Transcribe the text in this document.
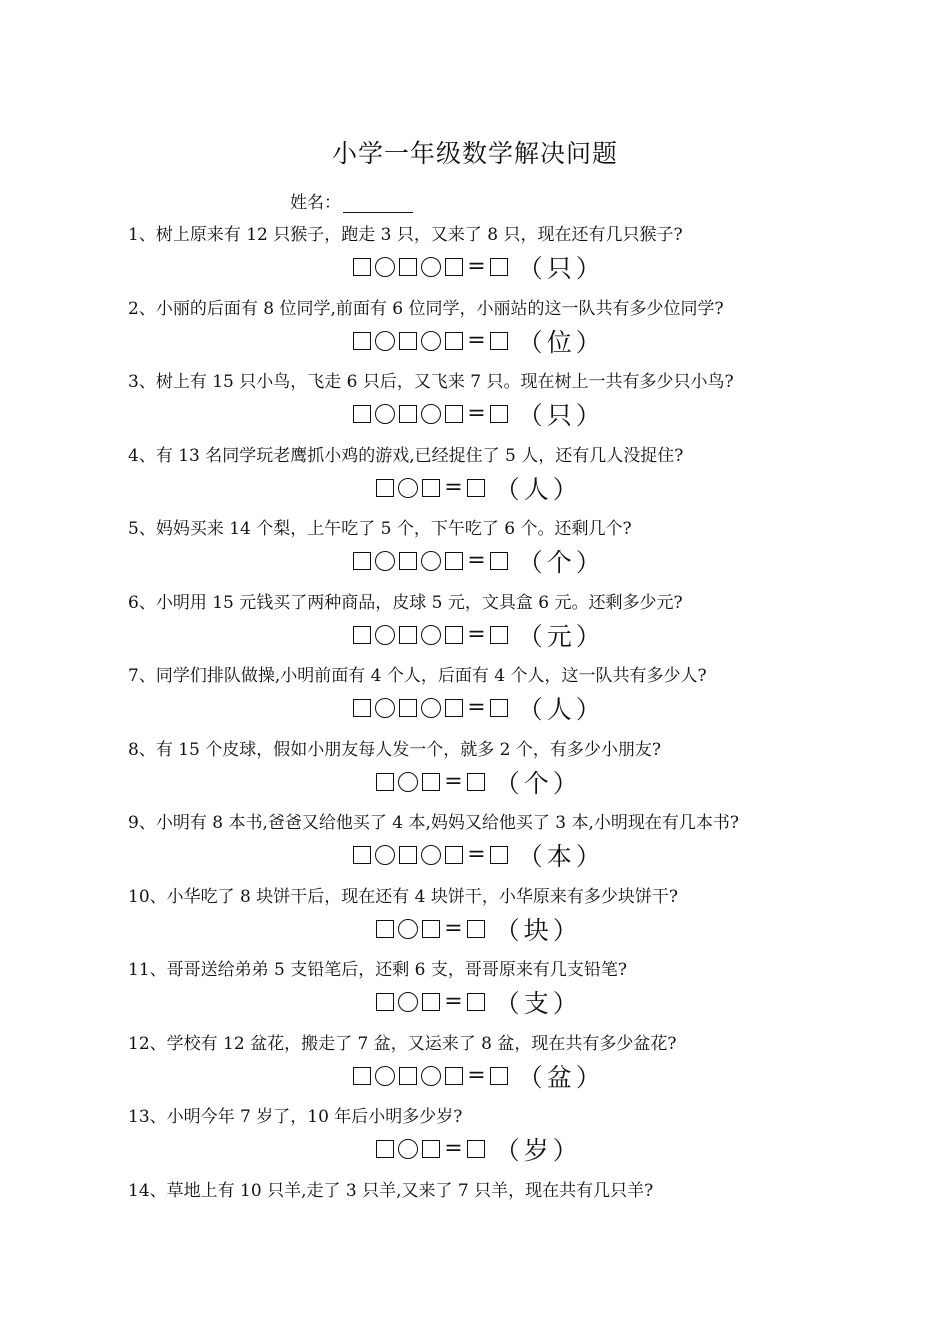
小学一年级数学解决问题
姓名：
1、树上原来有 12 只猴子，跑走 3 只，又来了 8 只，现在还有几只猴子?
= （只）
2、小丽的后面有 8 位同学,前面有 6 位同学，小丽站的这一队共有多少位同学?
= （位）
3、树上有 15 只小鸟，飞走 6 只后，又飞来 7 只。现在树上一共有多少只小鸟?
= （只）
4、有 13 名同学玩老鹰抓小鸡的游戏,已经捉住了 5 人，还有几人没捉住?
= （人）
5、妈妈买来 14 个梨，上午吃了 5 个，下午吃了 6 个。还剩几个?
= （个）
6、小明用 15 元钱买了两种商品，皮球 5 元，文具盒 6 元。还剩多少元?
= （元）
7、同学们排队做操,小明前面有 4 个人，后面有 4 个人，这一队共有多少人?
= （人）
8、有 15 个皮球，假如小朋友每人发一个，就多 2 个，有多少小朋友?
= （个）
9、小明有 8 本书,爸爸又给他买了 4 本,妈妈又给他买了 3 本,小明现在有几本书?
= （本）
10、小华吃了 8 块饼干后，现在还有 4 块饼干，小华原来有多少块饼干?
= （块）
11、哥哥送给弟弟 5 支铅笔后，还剩 6 支，哥哥原来有几支铅笔?
= （支）
12、学校有 12 盆花，搬走了 7 盆，又运来了 8 盆，现在共有多少盆花?
= （盆）
13、小明今年 7 岁了，10 年后小明多少岁?
= （岁）
14、草地上有 10 只羊,走了 3 只羊,又来了 7 只羊，现在共有几只羊?
